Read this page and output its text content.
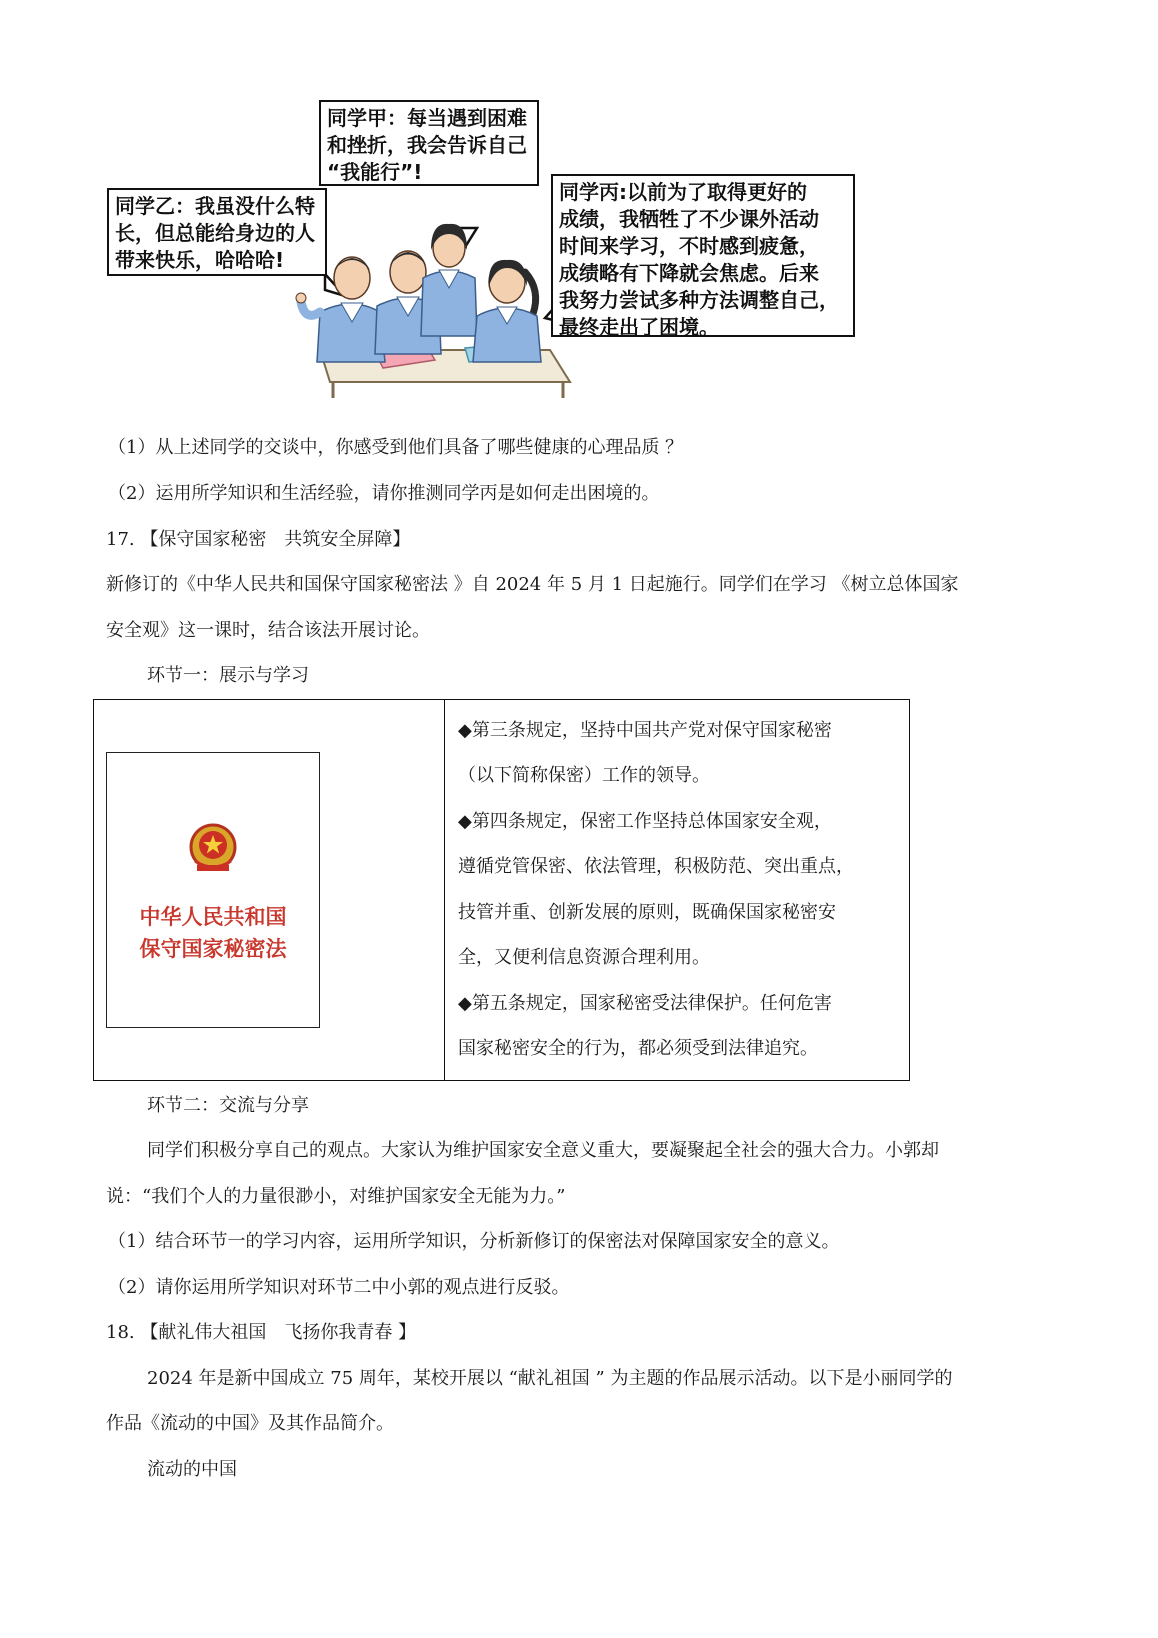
同学甲：每当遇到困难
和挫折，我会告诉自己
“我能行”!
同学乙：我虽没什么特
长，但总能给身边的人
带来快乐，哈哈哈!
同学丙:以前为了取得更好的
成绩，我牺牲了不少课外活动
时间来学习，不时感到疲惫，
成绩略有下降就会焦虑。后来
我努力尝试多种方法调整自己，
最终走出了困境。
（1）从上述同学的交谈中，你感受到他们具备了哪些健康的心理品质 ？
（2）运用所学知识和生活经验，请你推测同学丙是如何走出困境的。
17. 【保守国家秘密　共筑安全屏障】
新修订的《中华人民共和国保守国家秘密法 》自 2024 年 5 月 1 日起施行。同学们在学习 《树立总体国家
安全观》这一课时，结合该法开展讨论。
环节一：展示与学习
中华人民共和国
保守国家秘密法
◆第三条规定，坚持中国共产党对保守国家秘密
（以下简称保密）工作的领导。
◆第四条规定，保密工作坚持总体国家安全观，
遵循党管保密、依法管理，积极防范、突出重点，
技管并重、创新发展的原则，既确保国家秘密安
全，又便利信息资源合理利用。
◆第五条规定，国家秘密受法律保护。任何危害
国家秘密安全的行为，都必须受到法律追究。
环节二：交流与分享
同学们积极分享自己的观点。大家认为维护国家安全意义重大，要凝聚起全社会的强大合力。小郭却
说：“我们个人的力量很渺小，对维护国家安全无能为力。”
（1）结合环节一的学习内容，运用所学知识，分析新修订的保密法对保障国家安全的意义。
（2）请你运用所学知识对环节二中小郭的观点进行反驳。
18. 【献礼伟大祖国　飞扬你我青春 】
2024 年是新中国成立 75 周年，某校开展以 “献礼祖国 ” 为主题的作品展示活动。以下是小丽同学的
作品《流动的中国》及其作品简介。
流动的中国
